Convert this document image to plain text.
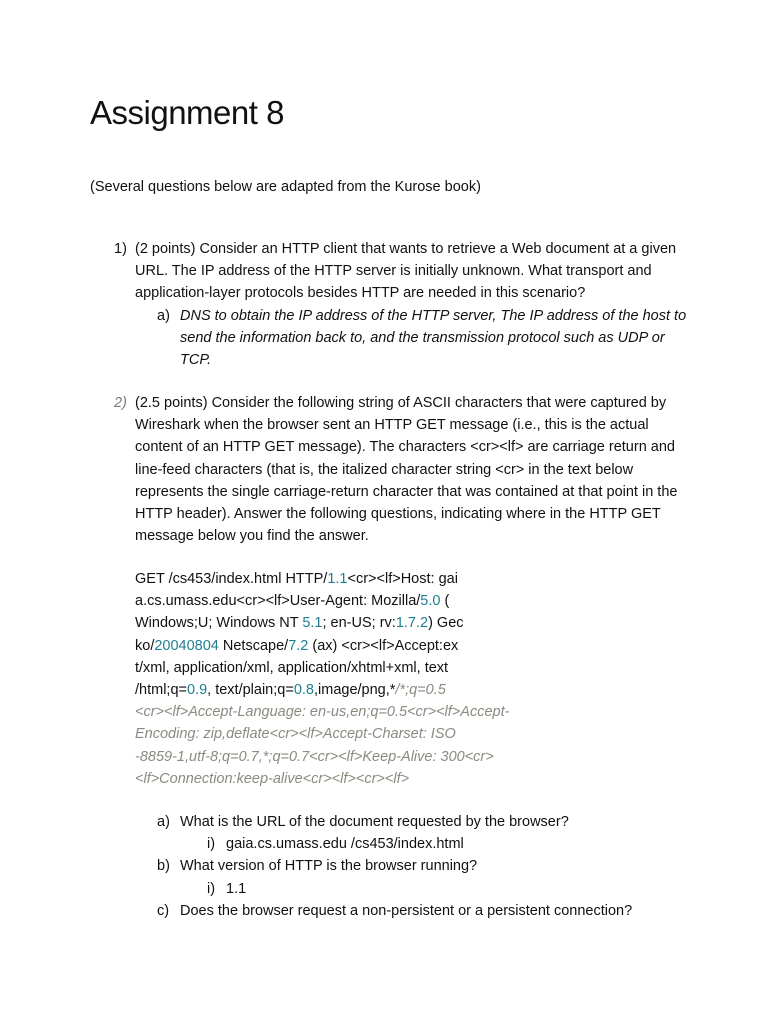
Assignment 8
(Several questions below are adapted from the Kurose book)
1) (2 points) Consider an HTTP client that wants to retrieve a Web document at a given URL. The IP address of the HTTP server is initially unknown. What transport and application-layer protocols besides HTTP are needed in this scenario?
a) DNS to obtain the IP address of the HTTP server, The IP address of the host to send the information back to, and the transmission protocol such as UDP or TCP.
2) (2.5 points) Consider the following string of ASCII characters that were captured by Wireshark when the browser sent an HTTP GET message (i.e., this is the actual content of an HTTP GET message). The characters <cr><lf> are carriage return and line-feed characters (that is, the italized character string <cr> in the text below represents the single carriage-return character that was contained at that point in the HTTP header). Answer the following questions, indicating where in the HTTP GET message below you find the answer.
GET /cs453/index.html HTTP/1.1<cr><lf>Host: gai
a.cs.umass.edu<cr><lf>User-Agent: Mozilla/5.0 (
Windows;U; Windows NT 5.1; en-US; rv:1.7.2) Gec
ko/20040804 Netscape/7.2 (ax) <cr><lf>Accept:ex
t/xml, application/xml, application/xhtml+xml, text
/html;q=0.9, text/plain;q=0.8,image/png,*/*;q=0.5
<cr><lf>Accept-Language: en-us,en;q=0.5<cr><lf>Accept-
Encoding: zip,deflate<cr><lf>Accept-Charset: ISO
-8859-1,utf-8;q=0.7,*;q=0.7<cr><lf>Keep-Alive: 300<cr>
<lf>Connection:keep-alive<cr><lf><cr><lf>
a) What is the URL of the document requested by the browser?
i) gaia.cs.umass.edu /cs453/index.html
b) What version of HTTP is the browser running?
i) 1.1
c) Does the browser request a non-persistent or a persistent connection?
